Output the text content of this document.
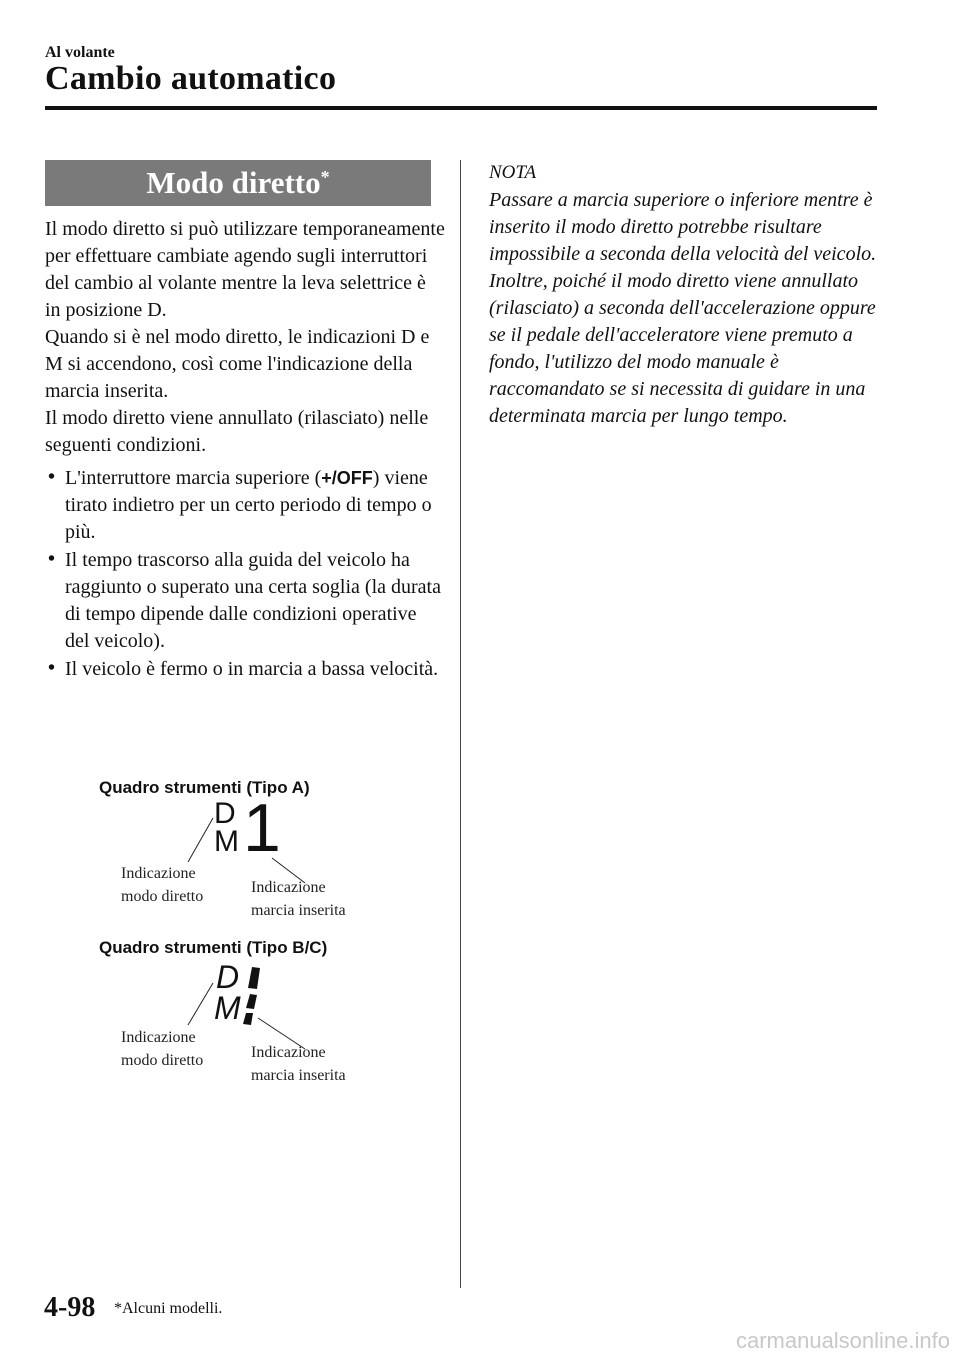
Al volante
Cambio automatico
Modo diretto*

Il modo diretto si può utilizzare temporaneamente per effettuare cambiate agendo sugli interruttori del cambio al volante mentre la leva selettrice è in posizione D.

Quando si è nel modo diretto, le indicazioni D e M si accendono, così come l'indicazione della marcia inserita.

Il modo diretto viene annullato (rilasciato) nelle seguenti condizioni.

• L'interruttore marcia superiore (+/OFF) viene tirato indietro per un certo periodo di tempo o più.
• Il tempo trascorso alla guida del veicolo ha raggiunto o superato una certa soglia (la durata di tempo dipende dalle condizioni operative del veicolo).
• Il veicolo è fermo o in marcia a bassa velocità.
Quadro strumenti (Tipo A)
D
M 1
Indicazione
modo diretto
Indicazione
marcia inserita
Quadro strumenti (Tipo B/C)
D
M
Indicazione
modo diretto	Indicazione
marcia inserita
NOTA
Passare a marcia superiore o inferiore mentre è inserito il modo diretto potrebbe risultare impossibile a seconda della velocità del veicolo. Inoltre, poiché il modo diretto viene annullato (rilasciato) a seconda dell'accelerazione oppure se il pedale dell'acceleratore viene premuto a fondo, l'utilizzo del modo manuale è raccomandato se si necessita di guidare in una determinata marcia per lungo tempo.
4-98 *Alcuni modelli.
carmanualsonline.info
